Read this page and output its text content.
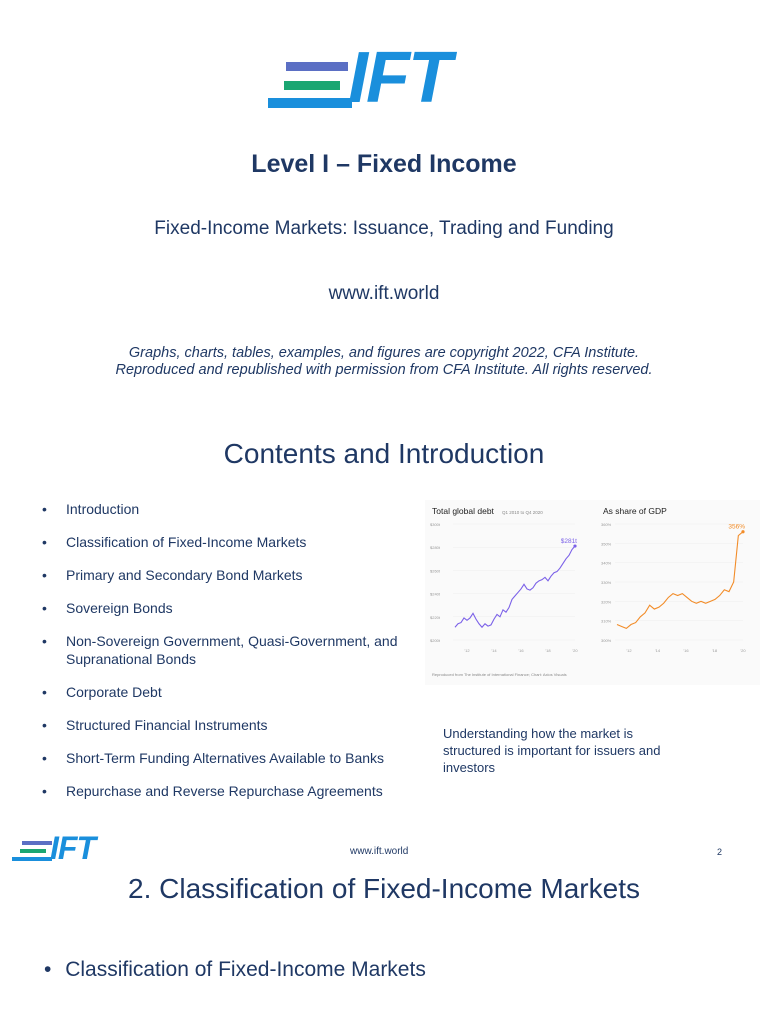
IFT
Level I – Fixed Income
Fixed-Income Markets: Issuance, Trading and Funding
www.ift.world
Graphs, charts, tables, examples, and figures are copyright 2022, CFA Institute.
Reproduced and republished with permission from CFA Institute. All rights reserved.
Contents and Introduction
• Introduction
• Classification of Fixed-Income Markets
• Primary and Secondary Bond Markets
• Sovereign Bonds
• Non-Sovereign Government, Quasi-Government, and Supranational Bonds
• Corporate Debt
• Structured Financial Instruments
• Short-Term Funding Alternatives Available to Banks
• Repurchase and Reverse Repurchase Agreements
Total global debt Q1 2010 to Q4 2020
$300t
$280t
$260t
$240t
$220t
$200t
'12	'14	'16	'18	'20
$281t
As share of GDP
360%
350%
340%
330%
320%
310%
300%
'12	'14	'16	'18	'20
356%
Reproduced from The Institute of International Finance; Chart: Axios Visuals
Understanding how the market is structured is important for issuers and investors
IFT	www.ift.world	2
2. Classification of Fixed-Income Markets
• Classification of Fixed-Income Markets
